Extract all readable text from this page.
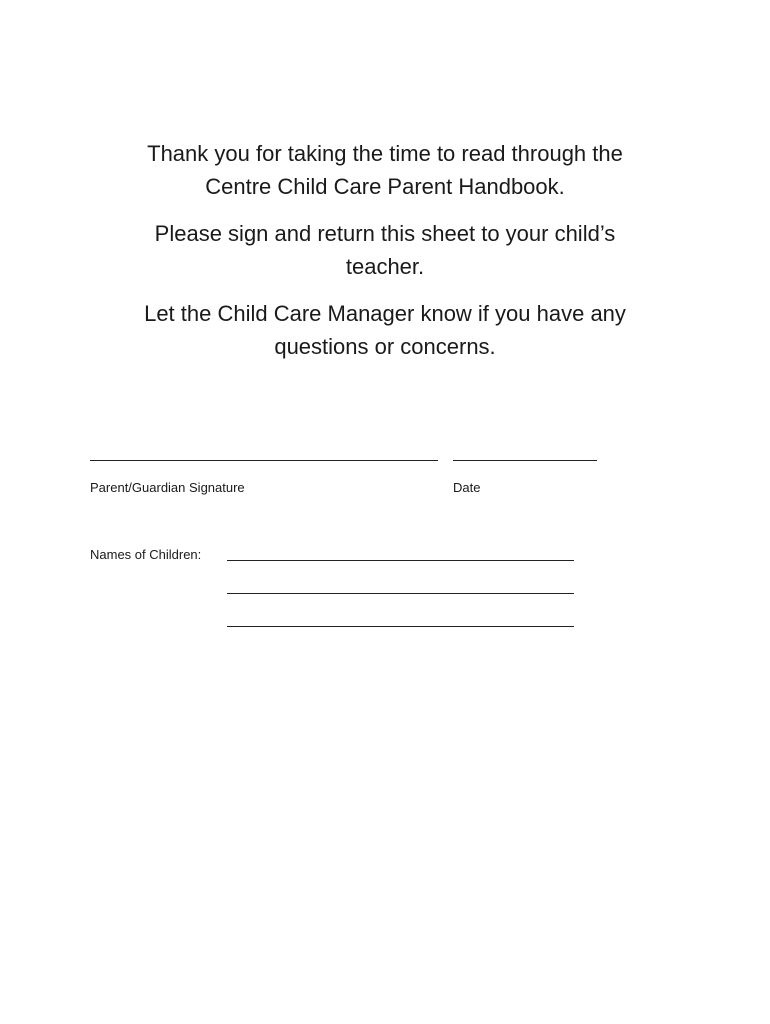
Thank you for taking the time to read through the Centre Child Care Parent Handbook.
Please sign and return this sheet to your child’s teacher.
Let the Child Care Manager know if you have any questions or concerns.
Parent/Guardian Signature	Date
Names of Children:
